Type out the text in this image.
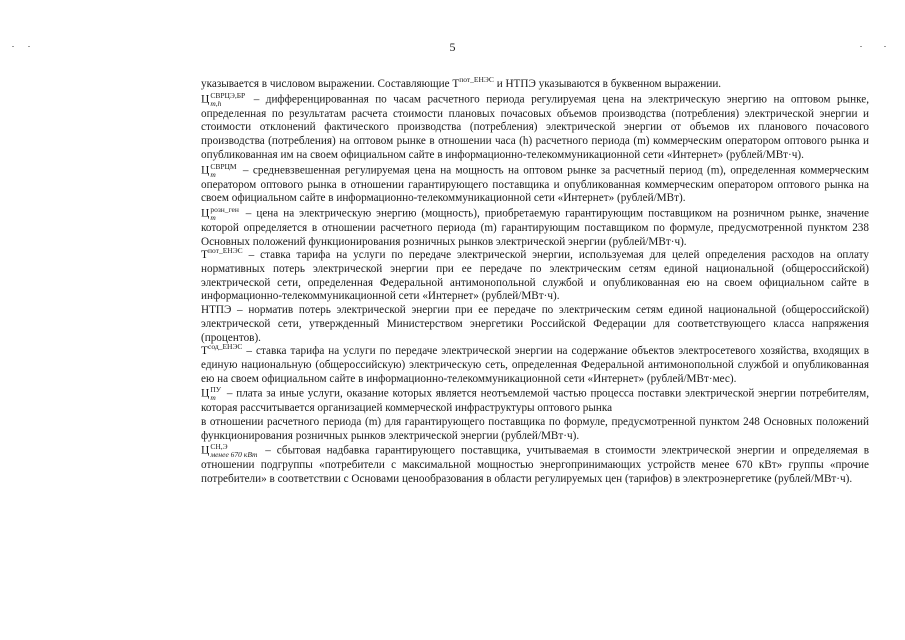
5

указывается в числовом выражении. Составляющие $Т^{пот\_ЕНЭС}$ и НТПЭ указываются в буквенном выражении.

Ц СВРЦЭ,БР
m,h	– дифференцированная по часам расчетного периода регулируемая цена на электрическую энергию на оптовом рынке, определенная по результатам расчета стоимости плановых почасовых объемов производства (потребления) электрической энергии и стоимости отклонений фактического производства (потребления) электрической энергии от объемов их планового почасового производства (потребления) на оптовом рынке в отношении часа (h) расчетного периода (m) коммерческим оператором оптового рынка и опубликованная им на своем официальном сайте в информационно-телекоммуникационной сети «Интернет» (рублей/МВт·ч).

Ц СВРЦМ
m	– средневзвешенная регулируемая цена на мощность на оптовом рынке за расчетный период (m), определенная коммерческим оператором оптового рынка в отношении гарантирующего поставщика и опубликованная коммерческим оператором оптового рынка на своем официальном сайте в информационно-телекоммуникационной сети «Интернет» (рублей/МВт).

Ц розн_ген
m	– цена на электрическую энергию (мощность), приобретаемую гарантирующим поставщиком на розничном рынке, значение которой определяется в отношении расчетного периода (m) гарантирующим поставщиком по формуле, предусмотренной пунктом 238 Основных положений функционирования розничных рынков электрической энергии (рублей/МВт·ч).

$Т^{пот\_ЕНЭС}$ – ставка тарифа на услуги по передаче электрической энергии, используемая для целей определения расходов на оплату нормативных потерь электрической энергии при ее передаче по электрическим сетям единой национальной (общероссийской) электрической сети, определенная Федеральной антимонопольной службой и опубликованная ею на своем официальном сайте в информационно-телекоммуникационной сети «Интернет» (рублей/МВт·ч).

НТПЭ – норматив потерь электрической энергии при ее передаче по электрическим сетям единой национальной (общероссийской) электрической сети, утвержденный Министерством энергетики Российской Федерации для соответствующего класса напряжения (процентов).

$Т^{сод\_ЕНЭС}$ – ставка тарифа на услуги по передаче электрической энергии на содержание объектов электросетевого хозяйства, входящих в единую национальную (общероссийскую) электрическую сеть, определенная Федеральной антимонопольной службой и опубликованная ею на своем официальном сайте в информационно-телекоммуникационной сети «Интернет» (рублей/МВт·мес).

Ц ПУ
m – плата за иные услуги, оказание которых является неотъемлемой частью процесса поставки электрической энергии потребителям, которая рассчитывается организацией коммерческой инфраструктуры оптового рынка

в отношении расчетного периода (m) для гарантирующего поставщика по формуле, предусмотренной пунктом 248 Основных положений функционирования розничных рынков электрической энергии (рублей/МВт·ч).

Ц СН,Э
менее 670 кВт – сбытовая надбавка гарантирующего поставщика, учитываемая в стоимости электрической энергии и определяемая в отношении подгруппы «потребители с максимальной мощностью энергопринимающих устройств менее 670 кВт» группы «прочие потребители» в соответствии с Основами ценообразования в области регулируемых цен (тарифов) в электроэнергетике (рублей/МВт·ч).
